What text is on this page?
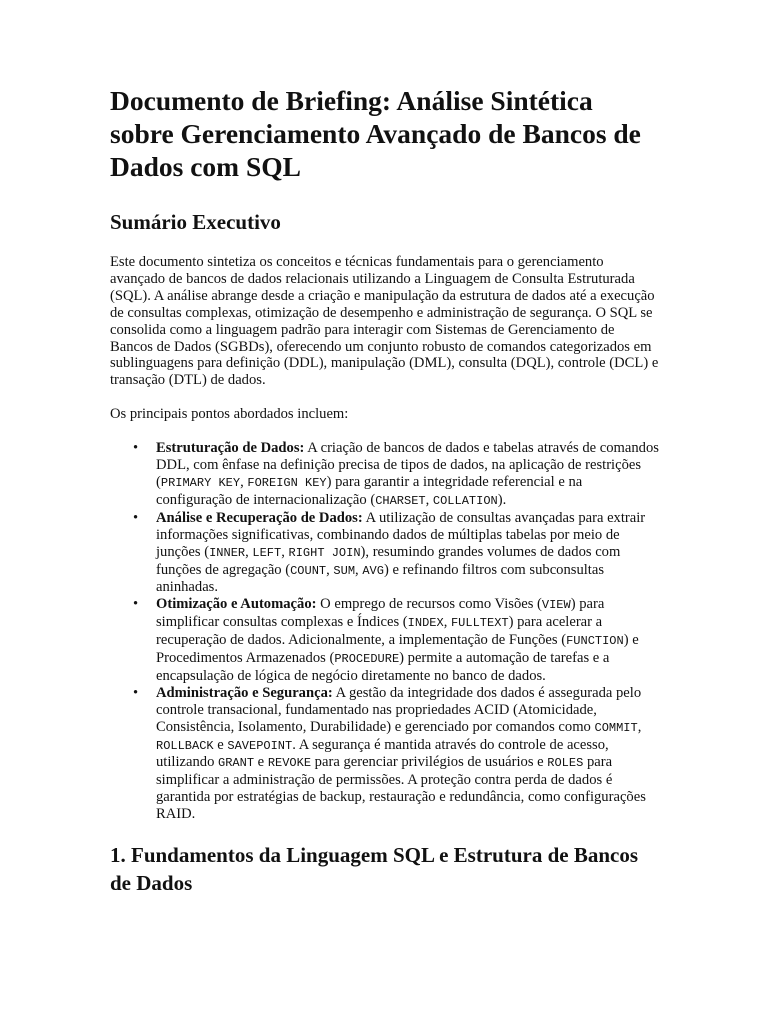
Documento de Briefing: Análise Sintética sobre Gerenciamento Avançado de Bancos de Dados com SQL
Sumário Executivo

Este documento sintetiza os conceitos e técnicas fundamentais para o gerenciamento avançado de bancos de dados relacionais utilizando a Linguagem de Consulta Estruturada (SQL). A análise abrange desde a criação e manipulação da estrutura de dados até a execução de consultas complexas, otimização de desempenho e administração de segurança. O SQL se consolida como a linguagem padrão para interagir com Sistemas de Gerenciamento de Bancos de Dados (SGBDs), oferecendo um conjunto robusto de comandos categorizados em sublinguagens para definição (DDL), manipulação (DML), consulta (DQL), controle (DCL) e transação (DTL) de dados.

Os principais pontos abordados incluem:

• Estruturação de Dados: A criação de bancos de dados e tabelas através de comandos DDL, com ênfase na definição precisa de tipos de dados, na aplicação de restrições (PRIMARY KEY, FOREIGN KEY) para garantir a integridade referencial e na configuração de internacionalização (CHARSET, COLLATION).
• Análise e Recuperação de Dados: A utilização de consultas avançadas para extrair informações significativas, combinando dados de múltiplas tabelas por meio de junções (INNER, LEFT, RIGHT JOIN), resumindo grandes volumes de dados com funções de agregação (COUNT, SUM, AVG) e refinando filtros com subconsultas aninhadas.
• Otimização e Automação: O emprego de recursos como Visões (VIEW) para simplificar consultas complexas e Índices (INDEX, FULLTEXT) para acelerar a recuperação de dados. Adicionalmente, a implementação de Funções (FUNCTION) e Procedimentos Armazenados (PROCEDURE) permite a automação de tarefas e a encapsulação de lógica de negócio diretamente no banco de dados.
• Administração e Segurança: A gestão da integridade dos dados é assegurada pelo controle transacional, fundamentado nas propriedades ACID (Atomicidade, Consistência, Isolamento, Durabilidade) e gerenciado por comandos como COMMIT, ROLLBACK e SAVEPOINT. A segurança é mantida através do controle de acesso, utilizando GRANT e REVOKE para gerenciar privilégios de usuários e ROLES para simplificar a administração de permissões. A proteção contra perda de dados é garantida por estratégias de backup, restauração e redundância, como configurações RAID.
1. Fundamentos da Linguagem SQL e Estrutura de Bancos de Dados
